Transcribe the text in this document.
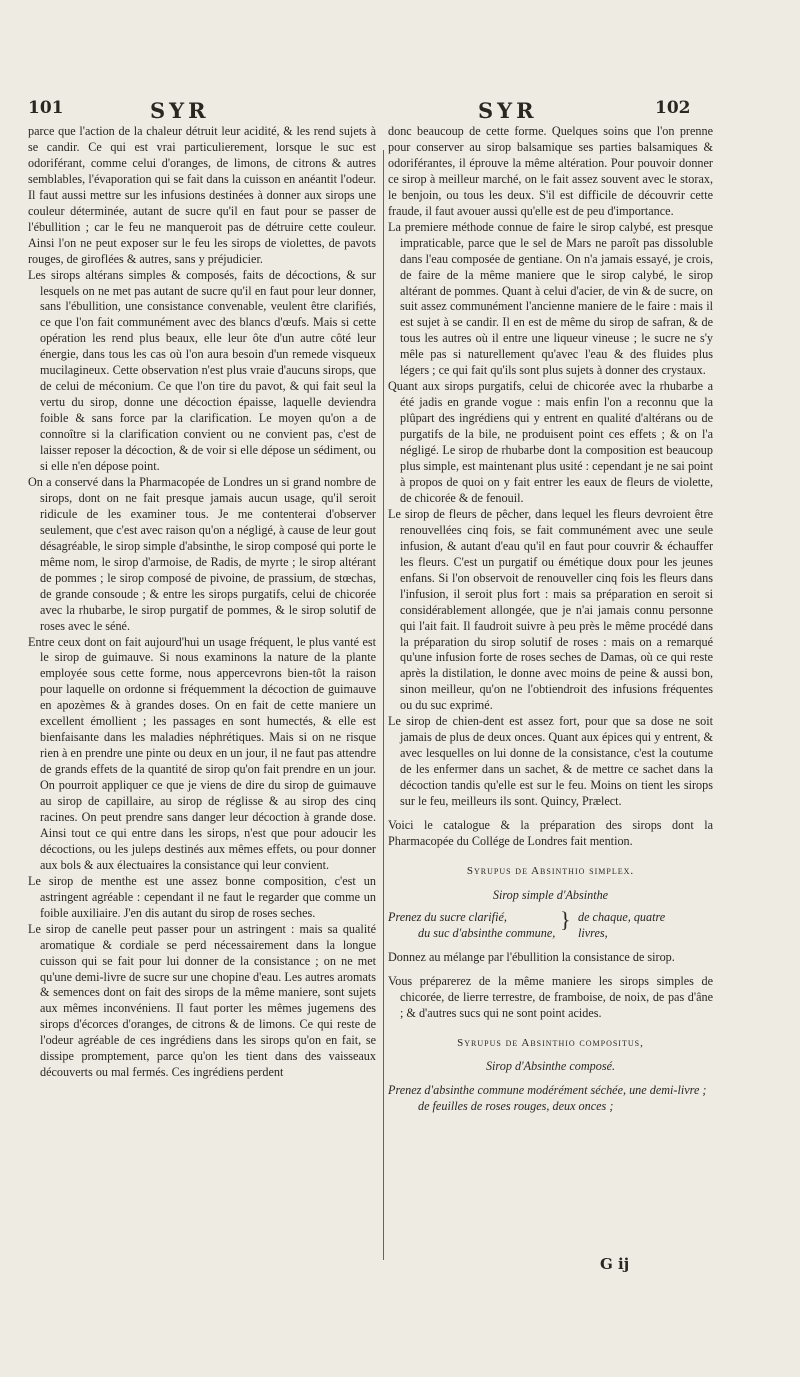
101	SYR	SYR	102

parce que l'action de la chaleur détruit leur acidité, & les rend sujets à se candir. Ce qui est vrai particulierement, lorsque le suc est odoriférant, comme celui d'oranges, de limons, de citrons & autres semblables, l'évaporation qui se fait dans la cuisson en anéantit l'odeur. Il faut aussi mettre sur les infusions destinées à donner aux sirops une couleur déterminée, autant de sucre qu'il en faut pour se passer de l'ébullition ; car le feu ne manqueroit pas de détruire cette couleur. Ainsi l'on ne peut exposer sur le feu les sirops de violettes, de pavots rouges, de giroflées & autres, sans y préjudicier.

Les sirops altérans simples & composés, faits de décoctions, & sur lesquels on ne met pas autant de sucre qu'il en faut pour leur donner, sans l'ébullition, une consistance convenable, veulent être clarifiés, ce que l'on fait communément avec des blancs d'œufs. Mais si cette opération les rend plus beaux, elle leur ôte d'un autre côté leur énergie, dans tous les cas où l'on aura besoin d'un remede visqueux mucilagineux. Cette observation n'est plus vraie d'aucuns sirops, que de celui de méconium. Ce que l'on tire du pavot, & qui fait seul la vertu du sirop, donne une décoction épaisse, laquelle deviendra foible & sans force par la clarification. Le moyen qu'on a de connoître si la clarification convient ou ne convient pas, c'est de laisser reposer la décoction, & de voir si elle dépose un sédiment, ou si elle n'en dépose point.

On a conservé dans la Pharmacopée de Londres un si grand nombre de sirops, dont on ne fait presque jamais aucun usage, qu'il seroit ridicule de les examiner tous. Je me contenterai d'observer seulement, que c'est avec raison qu'on a négligé, à cause de leur gout désagréable, le sirop simple d'absinthe, le sirop composé qui porte le même nom, le sirop d'armoise, de Radis, de myrte ; le sirop altérant de pommes ; le sirop composé de pivoine, de prassium, de stœchas, de grande consoude ; & entre les sirops purgatifs, celui de chicorée avec la rhubarbe, le sirop purgatif de pommes, & le sirop solutif de roses avec le séné.

Entre ceux dont on fait aujourd'hui un usage fréquent, le plus vanté est le sirop de guimauve. Si nous examinons la nature de la plante employée sous cette forme, nous appercevrons bien-tôt la raison pour laquelle on ordonne si fréquemment la décoction de guimauve en apozèmes & à grandes doses. On en fait de cette maniere un excellent émollient ; les passages en sont humectés, & elle est bienfaisante dans les maladies néphrétiques. Mais si on ne risque rien à en prendre une pinte ou deux en un jour, il ne faut pas attendre de grands effets de la quantité de sirop qu'on fait prendre en un jour. On pourroit appliquer ce que je viens de dire du sirop de guimauve au sirop de capillaire, au sirop de réglisse & au sirop des cinq racines. On peut prendre sans danger leur décoction à grande dose. Ainsi tout ce qui entre dans les sirops, n'est que pour adoucir les décoctions, ou les juleps destinés aux mêmes effets, ou pour donner aux bols & aux électuaires la consistance qui leur convient.

Le sirop de menthe est une assez bonne composition, c'est un astringent agréable : cependant il ne faut le regarder que comme un foible auxiliaire. J'en dis autant du sirop de roses seches.

Le sirop de canelle peut passer pour un astringent : mais sa qualité aromatique & cordiale se perd nécessairement dans la longue cuisson qui se fait pour lui donner de la consistance ; on ne met qu'une demi-livre de sucre sur une chopine d'eau. Les autres aromats & semences dont on fait des sirops de la même maniere, sont sujets aux mêmes inconvéniens. Il faut porter les mêmes jugemens des sirops d'écorces d'oranges, de citrons & de limons. Ce qui reste de l'odeur agréable de ces ingrédiens dans les sirops qu'on en fait, se dissipe promptement, parce qu'on les tient dans des vaisseaux découverts ou mal fermés. Ces ingrédiens perdent

donc beaucoup de cette forme. Quelques soins que l'on prenne pour conserver au sirop balsamique ses parties balsamiques & odoriférantes, il éprouve la même altération. Pour pouvoir donner ce sirop à meilleur marché, on le fait assez souvent avec le storax, le benjoin, ou tous les deux. S'il est difficile de découvrir cette fraude, il faut avouer aussi qu'elle est de peu d'importance.

La premiere méthode connue de faire le sirop calybé, est presque impraticable, parce que le sel de Mars ne paroît pas dissoluble dans l'eau composée de gentiane. On n'a jamais essayé, je crois, de faire de la même maniere que le sirop calybé, le sirop altérant de pommes. Quant à celui d'acier, de vin & de sucre, on suit assez communément l'ancienne maniere de le faire : mais il est sujet à se candir. Il en est de même du sirop de safran, & de tous les autres où il entre une liqueur vineuse ; le sucre ne s'y mêle pas si naturellement qu'avec l'eau & des fluides plus légers ; ce qui fait qu'ils sont plus sujets à donner des crystaux.

Quant aux sirops purgatifs, celui de chicorée avec la rhubarbe a été jadis en grande vogue : mais enfin l'on a reconnu que la plûpart des ingrédiens qui y entrent en qualité d'altérans ou de purgatifs de la bile, ne produisent point ces effets ; & on l'a négligé. Le sirop de rhubarbe dont la composition est beaucoup plus simple, est maintenant plus usité : cependant je ne sai point à propos de quoi on y fait entrer les eaux de fleurs de violette, de chicorée & de fenouil.

Le sirop de fleurs de pêcher, dans lequel les fleurs devroient être renouvellées cinq fois, se fait communément avec une seule infusion, & autant d'eau qu'il en faut pour couvrir & échauffer les fleurs. C'est un purgatif ou émétique doux pour les jeunes enfans. Si l'on observoit de renouveller cinq fois les fleurs dans l'infusion, il seroit plus fort : mais sa préparation en seroit si considérablement allongée, que je n'ai jamais connu personne qui l'ait fait. Il faudroit suivre à peu près le même procédé dans la préparation du sirop solutif de roses : mais on a remarqué qu'une infusion forte de roses seches de Damas, où ce qui reste après la distilation, le donne avec moins de peine & aussi bon, sinon meilleur, qu'on ne l'obtiendroit des infusions fréquentes ou du suc exprimé.

Le sirop de chien-dent est assez fort, pour que sa dose ne soit jamais de plus de deux onces. Quant aux épices qui y entrent, & avec lesquelles on lui donne de la consistance, c'est la coutume de les enfermer dans un sachet, & de mettre ce sachet dans la décoction tandis qu'elle est sur le feu. Moins on tient les sirops sur le feu, meilleurs ils sont. Quincy, Prælect.

Voici le catalogue & la préparation des sirops dont la Pharmacopée du Collége de Londres fait mention.

Syrupus de Absinthio simplex.

Sirop simple d'Absinthe

Prenez du sucre clarifié,
du suc d'absinthe commune,
} de chaque, quatre
livres,

Donnez au mélange par l'ébullition la consistance de sirop.

Vous préparerez de la même maniere les sirops simples de chicorée, de lierre terrestre, de framboise, de noix, de pas d'âne ; & d'autres sucs qui ne sont point acides.

Syrupus de Absinthio compositus,

Sirop d'Absinthe composé.

Prenez d'absinthe commune modérément séchée, une demi-livre ;

de feuilles de roses rouges, deux onces ;

G ij
